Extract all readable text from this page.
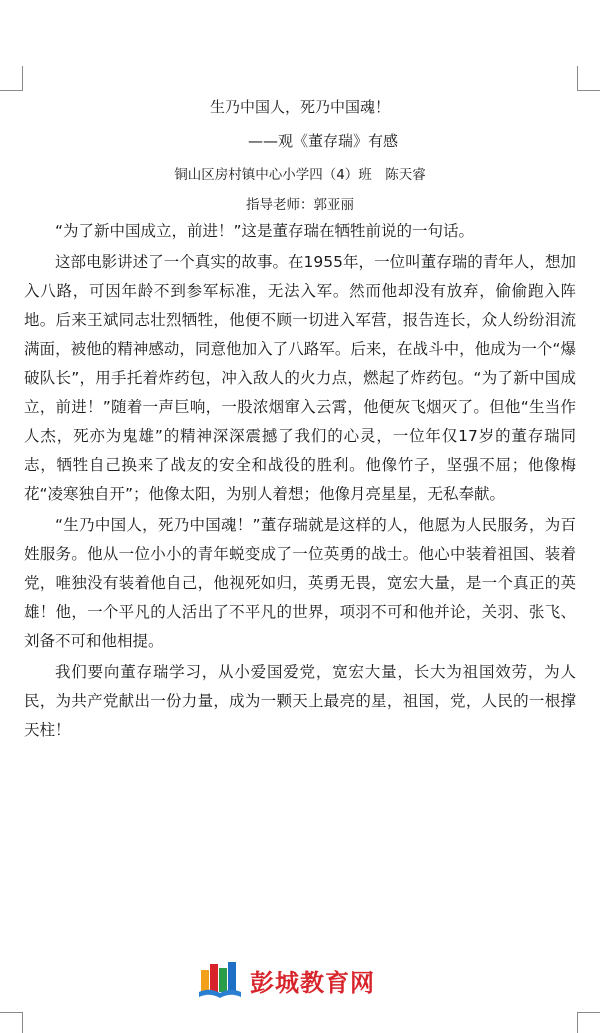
生乃中国人，死乃中国魂！
——观《董存瑞》有感
铜山区房村镇中心小学四（4）班　陈天睿
指导老师：郭亚丽

“为了新中国成立，前进！”这是董存瑞在牺牲前说的一句话。

这部电影讲述了一个真实的故事。在1955年，一位叫董存瑞的青年人，想加入八路，可因年龄不到参军标准，无法入军。然而他却没有放弃，偷偷跑入阵地。后来王斌同志壮烈牺牲，他便不顾一切进入军营，报告连长，众人纷纷泪流满面，被他的精神感动，同意他加入了八路军。后来，在战斗中，他成为一个“爆破队长”，用手托着炸药包，冲入敌人的火力点，燃起了炸药包。“为了新中国成立，前进！”随着一声巨响，一股浓烟窜入云霄，他便灰飞烟灭了。但他“生当作人杰，死亦为鬼雄”的精神深深震撼了我们的心灵，一位年仅17岁的董存瑞同志，牺牲自己换来了战友的安全和战役的胜利。他像竹子，坚强不屈；他像梅花“凌寒独自开”；他像太阳，为别人着想；他像月亮星星，无私奉献。

“生乃中国人，死乃中国魂！”董存瑞就是这样的人，他愿为人民服务，为百姓服务。他从一位小小的青年蜕变成了一位英勇的战士。他心中装着祖国、装着党，唯独没有装着他自己，他视死如归，英勇无畏，宽宏大量，是一个真正的英雄！他，一个平凡的人活出了不平凡的世界，项羽不可和他并论，关羽、张飞、刘备不可和他相提。

我们要向董存瑞学习，从小爱国爱党，宽宏大量，长大为祖国效劳，为人民，为共产党献出一份力量，成为一颗天上最亮的星，祖国，党，人民的一根撑天柱！

彭城教育网
